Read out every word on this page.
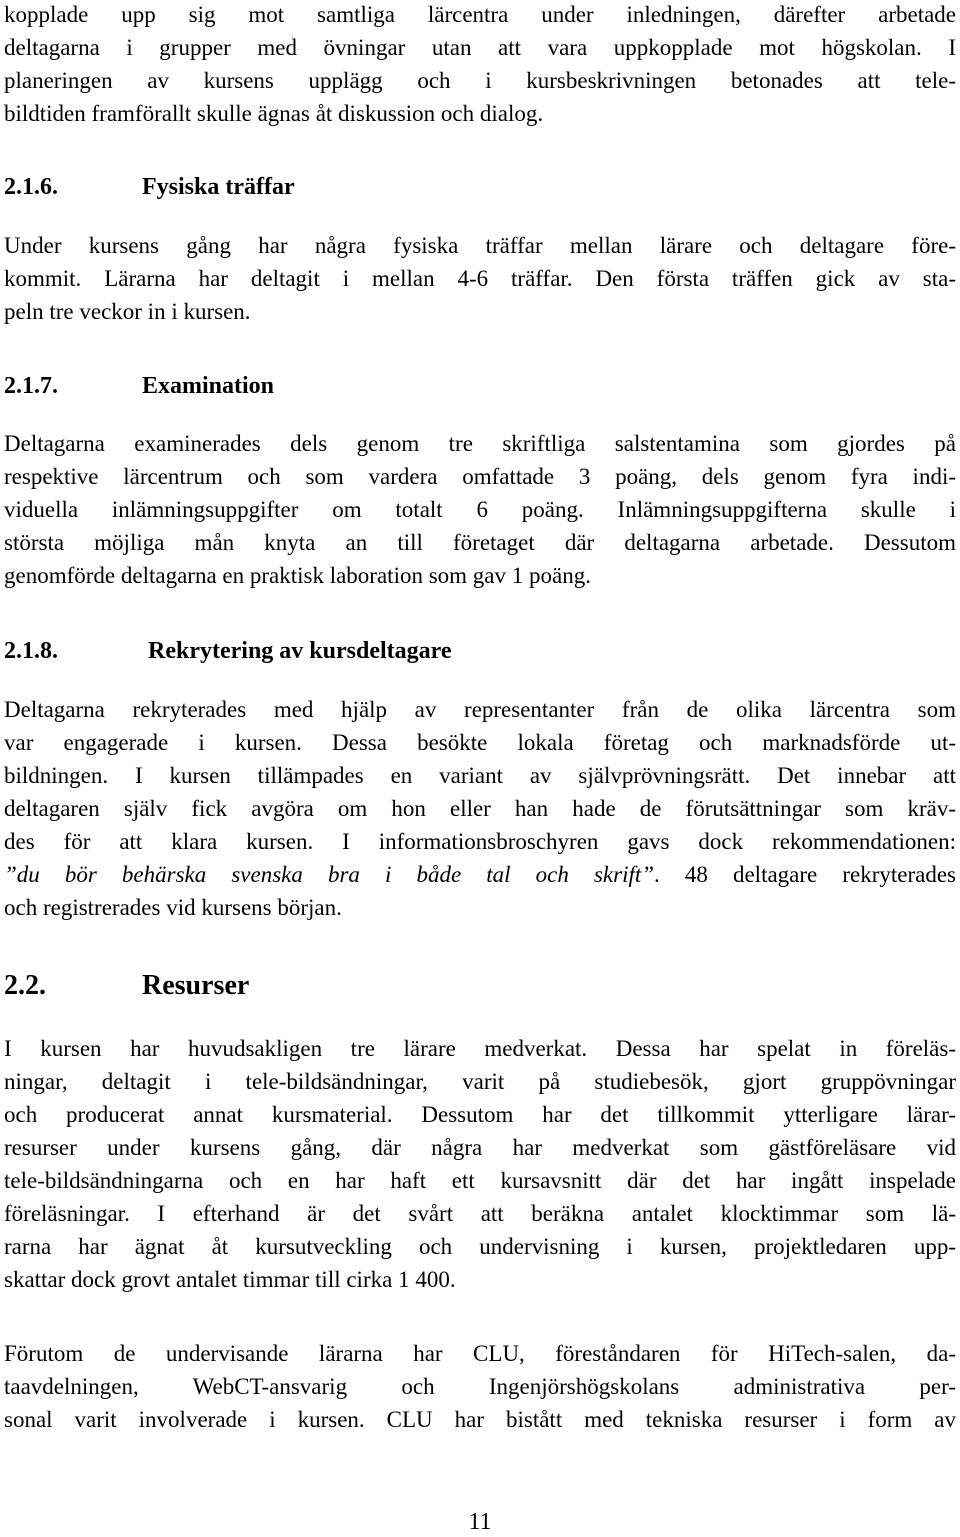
kopplade upp sig mot samtliga lärcentra under inledningen, därefter arbetade
deltagarna i grupper med övningar utan att vara uppkopplade mot högskolan. I
planeringen av kursens upplägg och i kursbeskrivningen betonades att tele-
bildtiden framförallt skulle ägnas åt diskussion och dialog.
2.1.6.	Fysiska träffar
Under kursens gång har några fysiska träffar mellan lärare och deltagare före-
kommit. Lärarna har deltagit i mellan 4-6 träffar. Den första träffen gick av sta-
peln tre veckor in i kursen.
2.1.7.	Examination
Deltagarna examinerades dels genom tre skriftliga salstentamina som gjordes på
respektive lärcentrum och som vardera omfattade 3 poäng, dels genom fyra indi-
viduella inlämningsuppgifter om totalt 6 poäng. Inlämningsuppgifterna skulle i
största möjliga mån knyta an till företaget där deltagarna arbetade. Dessutom
genomförde deltagarna en praktisk laboration som gav 1 poäng.
2.1.8.	Rekrytering av kursdeltagare
Deltagarna rekryterades med hjälp av representanter från de olika lärcentra som
var engagerade i kursen. Dessa besökte lokala företag och marknadsförde ut-
bildningen. I kursen tillämpades en variant av självprövningsrätt. Det innebar att
deltagaren själv fick avgöra om hon eller han hade de förutsättningar som kräv-
des för att klara kursen. I informationsbroschyren gavs dock rekommendationen:
”du bör behärska svenska bra i både tal och skrift”. 48 deltagare rekryterades
och registrerades vid kursens början.
2.2.	Resurser
I kursen har huvudsakligen tre lärare medverkat. Dessa har spelat in föreläs-
ningar, deltagit i tele-bildsändningar, varit på studiebesök, gjort gruppövningar
och producerat annat kursmaterial. Dessutom har det tillkommit ytterligare lärar-
resurser under kursens gång, där några har medverkat som gästföreläsare vid
tele-bildsändningarna och en har haft ett kursavsnitt där det har ingått inspelade
föreläsningar. I efterhand är det svårt att beräkna antalet klocktimmar som lä-
rarna har ägnat åt kursutveckling och undervisning i kursen, projektledaren upp-
skattar dock grovt antalet timmar till cirka 1 400.
Förutom de undervisande lärarna har CLU, föreståndaren för HiTech-salen, da-
taavdelningen, WebCT-ansvarig och Ingenjörshögskolans administrativa per-
sonal varit involverade i kursen. CLU har bistått med tekniska resurser i form av
11
